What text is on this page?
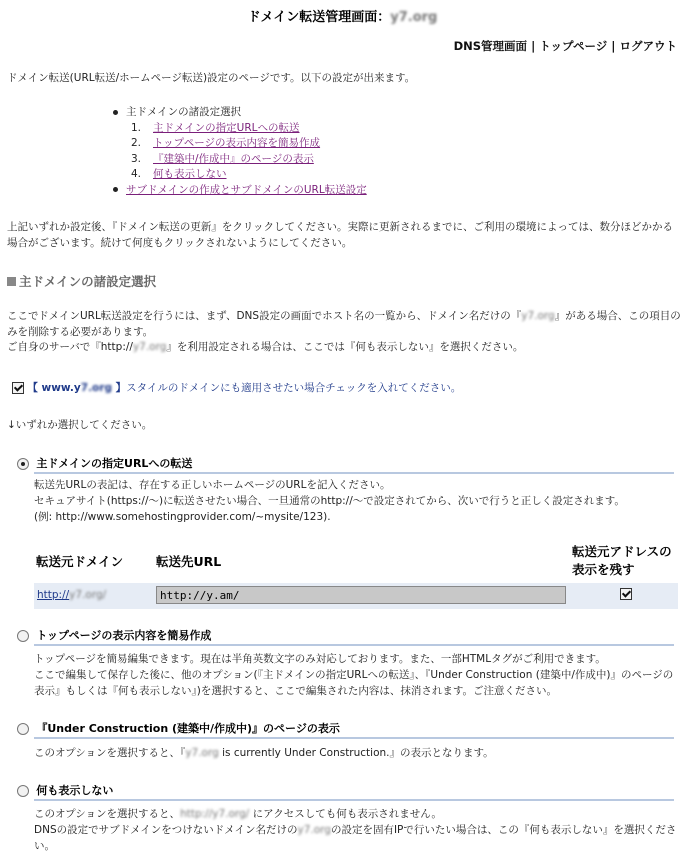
ドメイン転送管理画面：y7.org
DNS管理画面 | トップページ | ログアウト
ドメイン転送(URL転送/ホームページ転送)設定のページです。以下の設定が出来ます。
主ドメインの諸設定選択
1. 主ドメインの指定URLへの転送
2. トップページの表示内容を簡易作成
3. 『建築中/作成中』のページの表示
4. 何も表示しない
サブドメインの作成とサブドメインのURL転送設定
上記いずれか設定後、『ドメイン転送の更新』をクリックしてください。実際に更新されるまでに、ご利用の環境によっては、数分ほどかかる場合がございます。続けて何度もクリックされないようにしてください。
主ドメインの諸設定選択
ここでドメインURL転送設定を行うには、まず、DNS設定の画面でホスト名の一覧から、ドメイン名だけの『y7.org』がある場合、この項目のみを削除する必要があります。
ご自身のサーバで『http://y7.org』を利用設定される場合は、ここでは『何も表示しない』を選択ください。
【 www.y7.org 】スタイルのドメインにも適用させたい場合チェックを入れてください。
↓いずれか選択してください。
主ドメインの指定URLへの転送
転送先URLの表記は、存在する正しいホームページのURLを記入ください。
セキュアサイト(https://～)に転送させたい場合、一旦通常のhttp://～で設定されてから、次いで行うと正しく設定されます。
(例: http://www.somehostingprovider.com/~mysite/123).
転送元ドメイン	転送先URL
転送元アドレスの
表示を残す
http://y7.org/	http://y.am/
トップページの表示内容を簡易作成
トップページを簡易編集できます。現在は半角英数文字のみ対応しております。また、一部HTMLタグがご利用できます。
ここで編集して保存した後に、他のオプション(『主ドメインの指定URLへの転送』、『Under Construction (建築中/作成中)』のページの表示』もしくは『何も表示しない』)を選択すると、ここで編集された内容は、抹消されます。ご注意ください。
『Under Construction (建築中/作成中)』のページの表示
このオプションを選択すると、『y7.org is currently Under Construction.』の表示となります。
何も表示しない
このオプションを選択すると、http://y7.org/ にアクセスしても何も表示されません。
DNSの設定でサブドメインをつけないドメイン名だけのy7.orgの設定を固有IPで行いたい場合は、この『何も表示しない』を選択ください。
